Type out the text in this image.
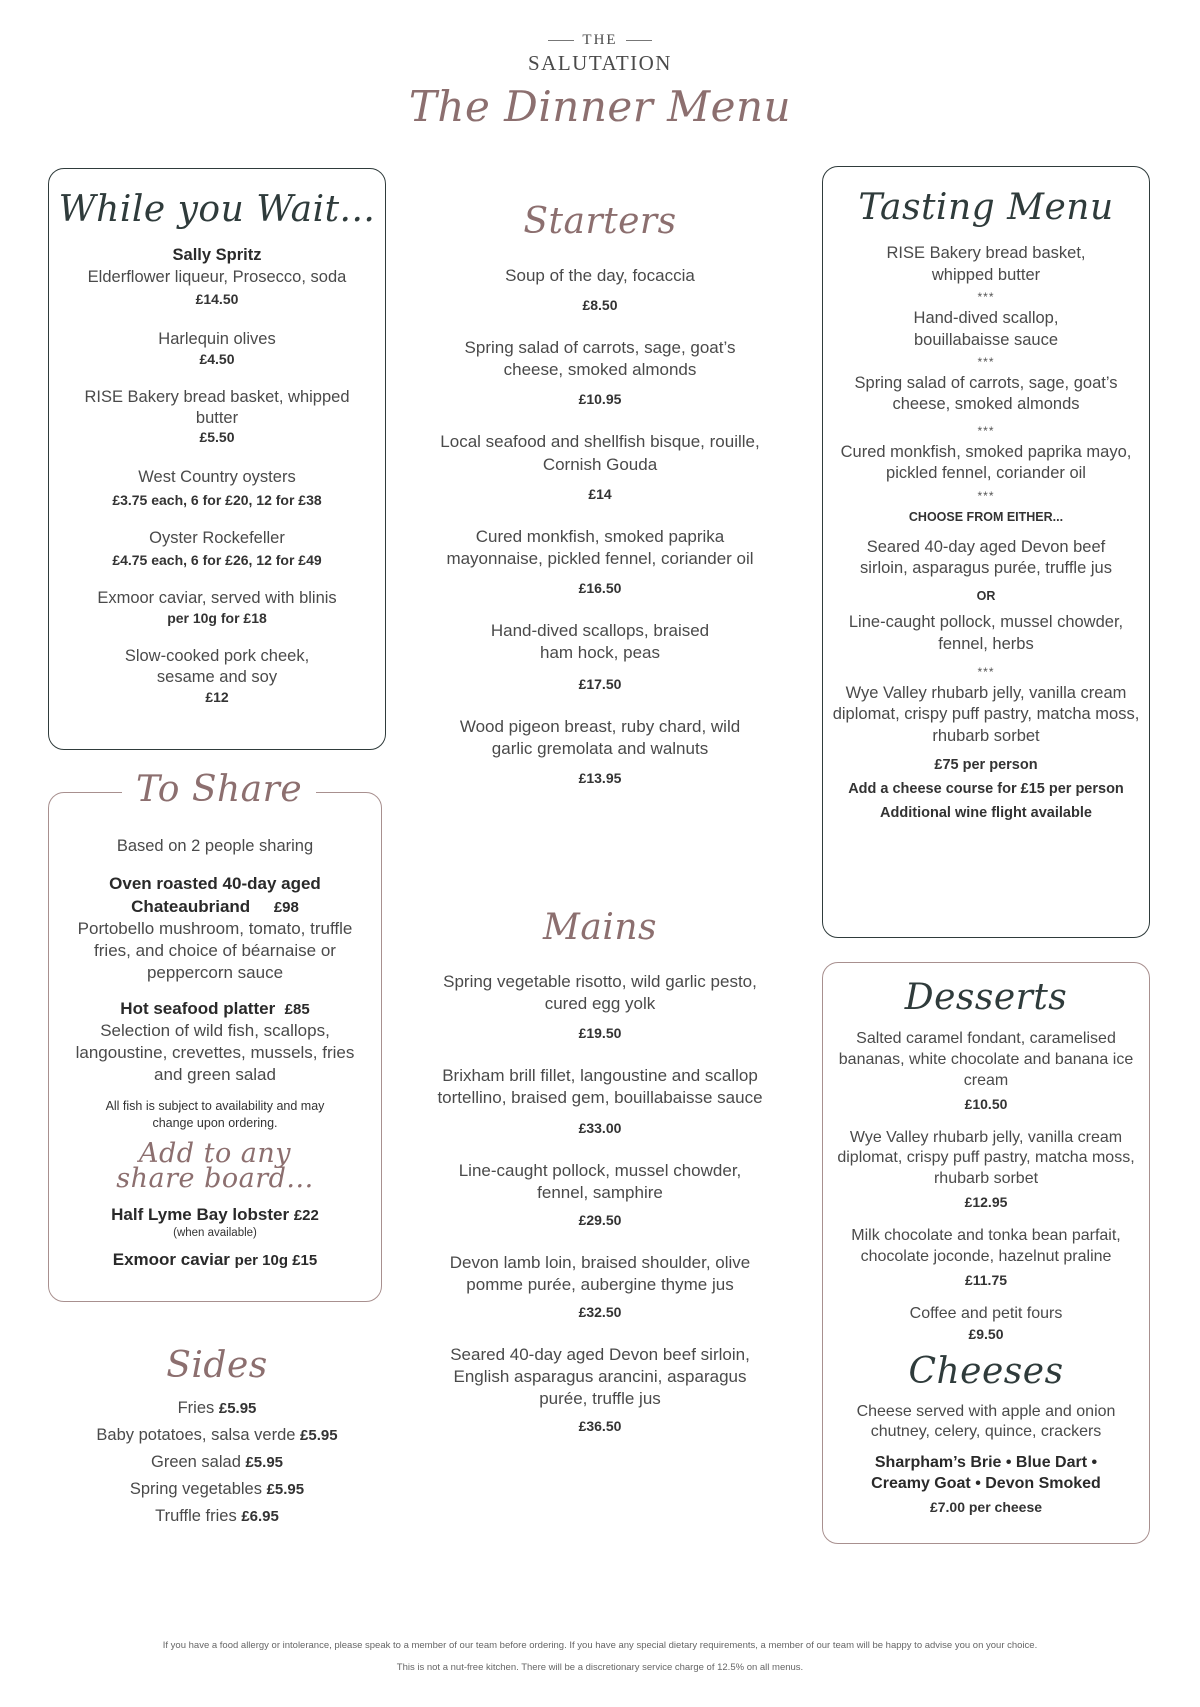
THE
SALUTATION
The Dinner Menu
While you Wait...
Sally Spritz
Elderflower liqueur, Prosecco, soda
£14.50
Harlequin olives
£4.50
RISE Bakery bread basket, whipped butter
£5.50
West Country oysters
£3.75 each, 6 for £20, 12 for £38
Oyster Rockefeller
£4.75 each, 6 for £26, 12 for £49
Exmoor caviar, served with blinis
per 10g for £18
Slow-cooked pork cheek, sesame and soy
£12
To Share
Based on 2 people sharing
Oven roasted 40-day aged
Chateaubriand £98
Portobello mushroom, tomato, truffle fries, and choice of béarnaise or peppercorn sauce
Hot seafood platter £85
Selection of wild fish, scallops, langoustine, crevettes, mussels, fries and green salad
All fish is subject to availability and may change upon ordering.
Add to any share board...
Half Lyme Bay lobster £22
(when available)
Exmoor caviar per 10g £15
Sides
Fries £5.95
Baby potatoes, salsa verde £5.95
Green salad £5.95
Spring vegetables £5.95
Truffle fries £6.95
Starters
Soup of the day, focaccia
£8.50
Spring salad of carrots, sage, goat’s cheese, smoked almonds
£10.95
Local seafood and shellfish bisque, rouille, Cornish Gouda
£14
Cured monkfish, smoked paprika mayonnaise, pickled fennel, coriander oil
£16.50
Hand-dived scallops, braised ham hock, peas
£17.50
Wood pigeon breast, ruby chard, wild garlic gremolata and walnuts
£13.95
Mains
Spring vegetable risotto, wild garlic pesto, cured egg yolk
£19.50
Brixham brill fillet, langoustine and scallop tortellino, braised gem, bouillabaisse sauce
£33.00
Line-caught pollock, mussel chowder, fennel, samphire
£29.50
Devon lamb loin, braised shoulder, olive pomme purée, aubergine thyme jus
£32.50
Seared 40-day aged Devon beef sirloin, English asparagus arancini, asparagus purée, truffle jus
£36.50
Tasting Menu
RISE Bakery bread basket, whipped butter
***
Hand-dived scallop, bouillabaisse sauce
***
Spring salad of carrots, sage, goat’s cheese, smoked almonds
***
Cured monkfish, smoked paprika mayo, pickled fennel, coriander oil
***
CHOOSE FROM EITHER...
Seared 40-day aged Devon beef sirloin, asparagus purée, truffle jus
OR
Line-caught pollock, mussel chowder, fennel, herbs
***
Wye Valley rhubarb jelly, vanilla cream diplomat, crispy puff pastry, matcha moss, rhubarb sorbet
£75 per person
Add a cheese course for £15 per person
Additional wine flight available
Desserts
Salted caramel fondant, caramelised bananas, white chocolate and banana ice cream
£10.50
Wye Valley rhubarb jelly, vanilla cream diplomat, crispy puff pastry, matcha moss, rhubarb sorbet
£12.95
Milk chocolate and tonka bean parfait, chocolate joconde, hazelnut praline
£11.75
Coffee and petit fours
£9.50
Cheeses
Cheese served with apple and onion chutney, celery, quince, crackers
Sharpham’s Brie • Blue Dart •
Creamy Goat • Devon Smoked
£7.00 per cheese
If you have a food allergy or intolerance, please speak to a member of our team before ordering. If you have any special dietary requirements, a member of our team will be happy to advise you on your choice.
This is not a nut-free kitchen. There will be a discretionary service charge of 12.5% on all menus.
